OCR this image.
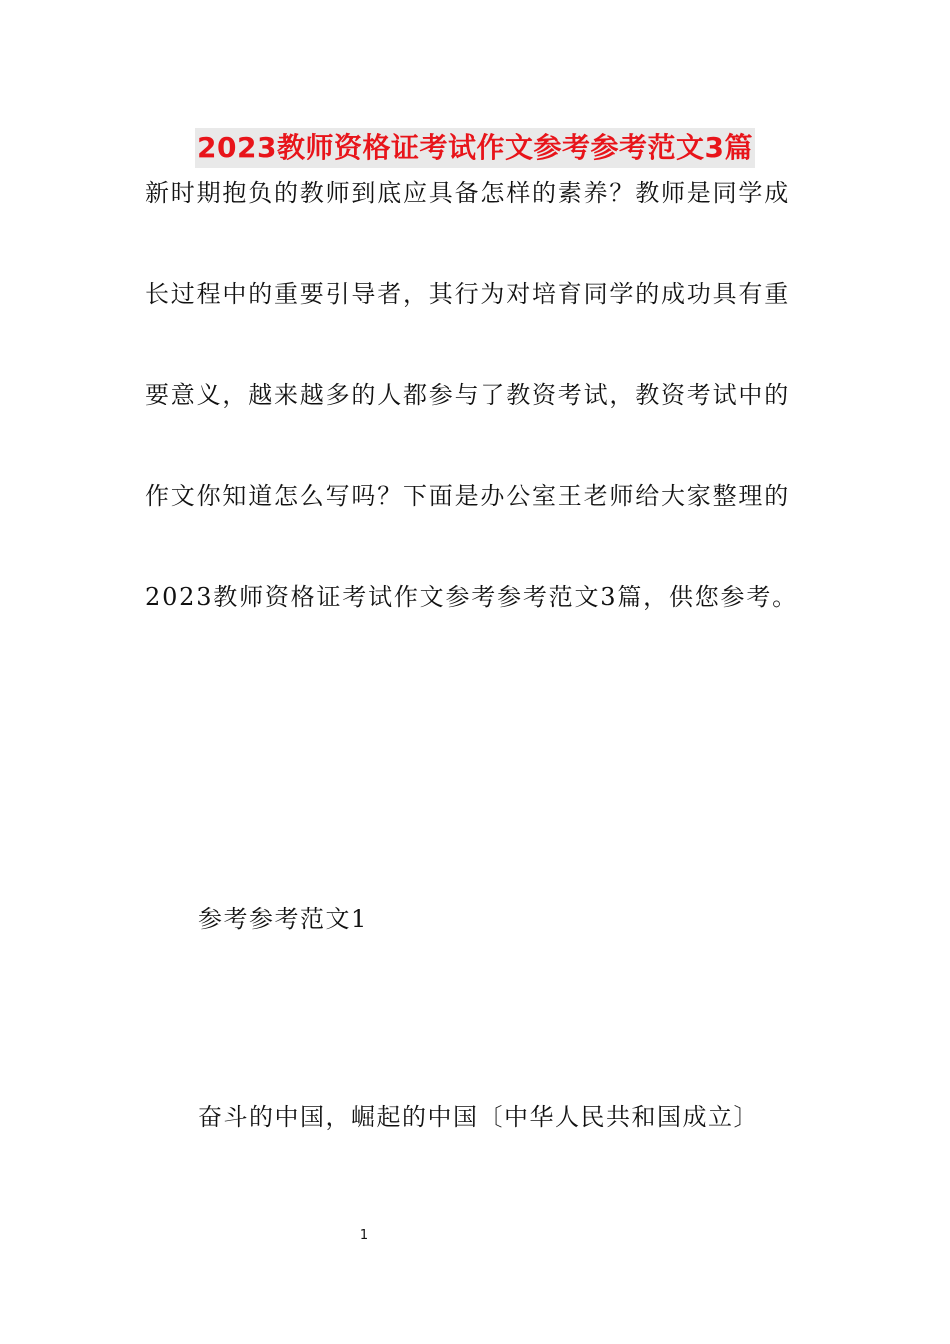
2023教师资格证考试作文参考参考范文3篇
新时期抱负的教师到底应具备怎样的素养？教师是同学成
长过程中的重要引导者，其行为对培育同学的成功具有重
要意义，越来越多的人都参与了教资考试，教资考试中的
作文你知道怎么写吗？下面是办公室王老师给大家整理的
2023教师资格证考试作文参考参考范文3篇，供您参考。

参考参考范文1

奋斗的中国，崛起的中国〔中华人民共和国成立〕

1
